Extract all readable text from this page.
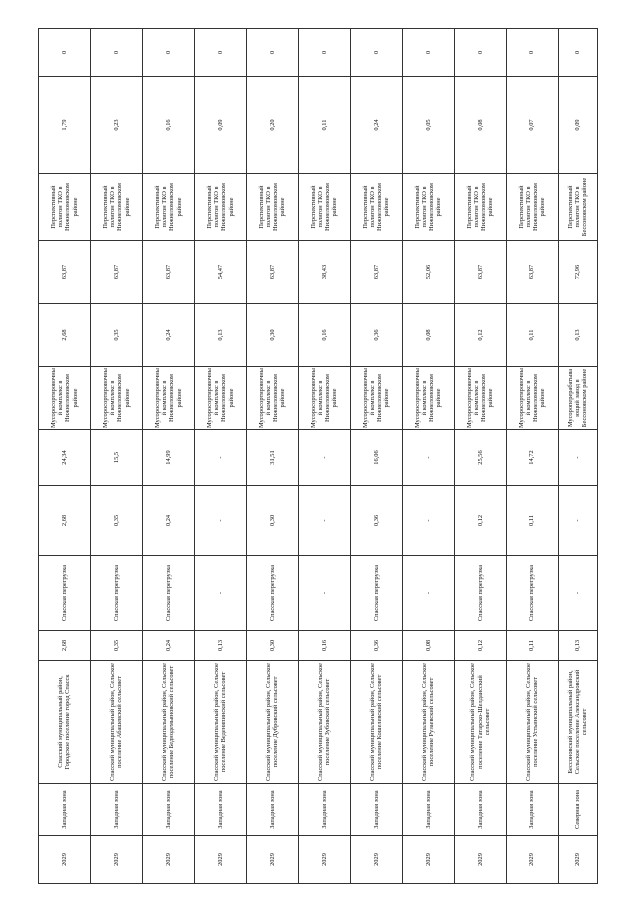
2029	Западная зона	Спасский муниципальный район, Городское поселение город Спасск	2,68	Спасская перегрузка	2,68	24,34	Мусоросортировочный комплекс в Нижнеломовском районе	2,68	63,87	Перспективный полигон ТКО в Нижнеломовском районе	1,79	0
2029	Западная зона	Спасский муниципальный район, Сельское поселение Абашевский сельсовет	0,35	Спасская перегрузка	0,35	15,5	Мусоросортировочный комплекс в Нижнеломовском районе	0,35	63,87	Перспективный полигон ТКО в Нижнеломовском районе	0,23	0
2029	Западная зона	Спасский муниципальный район, Сельское поселение Беднодемьяновский сельсовет	0,24	Спасская перегрузка	0,24	14,99	Мусоросортировочный комплекс в Нижнеломовском районе	0,24	63,87	Перспективный полигон ТКО в Нижнеломовском районе	0,16	0
2029	Западная зона	Спасский муниципальный район, Сельское поселение Веденяпинский сельсовет	0,13	-	-	-	Мусоросортировочный комплекс в Нижнеломовском районе	0,13	54,47	Перспективный полигон ТКО в Нижнеломовском районе	0,09	0
2029	Западная зона	Спасский муниципальный район, Сельское поселение Дубровский сельсовет	0,30	Спасская перегрузка	0,30	31,51	Мусоросортировочный комплекс в Нижнеломовском районе	0,30	63,87	Перспективный полигон ТКО в Нижнеломовском районе	0,20	0
2029	Западная зона	Спасский муниципальный район, Сельское поселение Зубовский сельсовет	0,16	-	-	-	Мусоросортировочный комплекс в Нижнеломовском районе	0,16	38,43	Перспективный полигон ТКО в Нижнеломовском районе	0,11	0
2029	Западная зона	Спасский муниципальный район, Сельское поселение Кошелевский сельсовет	0,36	Спасская перегрузка	0,36	16,06	Мусоросортировочный комплекс в Нижнеломовском районе	0,36	63,87	Перспективный полигон ТКО в Нижнеломовском районе	0,24	0
2029	Западная зона	Спасский муниципальный район, Сельское поселение Рузаевский сельсовет	0,08	-	-	-	Мусоросортировочный комплекс в Нижнеломовском районе	0,08	52,06	Перспективный полигон ТКО в Нижнеломовском районе	0,05	0
2029	Западная зона	Спасский муниципальный район, Сельское поселение Татарско-Шелдаисский сельсовет	0,12	Спасская перегрузка	0,12	25,56	Мусоросортировочный комплекс в Нижнеломовском районе	0,12	63,87	Перспективный полигон ТКО в Нижнеломовском районе	0,08	0
2029	Западная зона	Спасский муниципальный район, Сельское поселение Устьинский сельсовет	0,11	Спасская перегрузка	0,11	14,72	Мусоросортировочный комплекс в Нижнеломовском районе	0,11	63,87	Перспективный полигон ТКО в Нижнеломовском районе	0,07	0
2029	Северная зона	Бессоновский муниципальный район, Сельское поселение Александровский сельсовет	0,13	-	-	-	Мусороперерабатывающий завод в Бессоновском районе	0,13	72,96	Перспективный полигон ТКО в Бессоновском районе	0,09	0
